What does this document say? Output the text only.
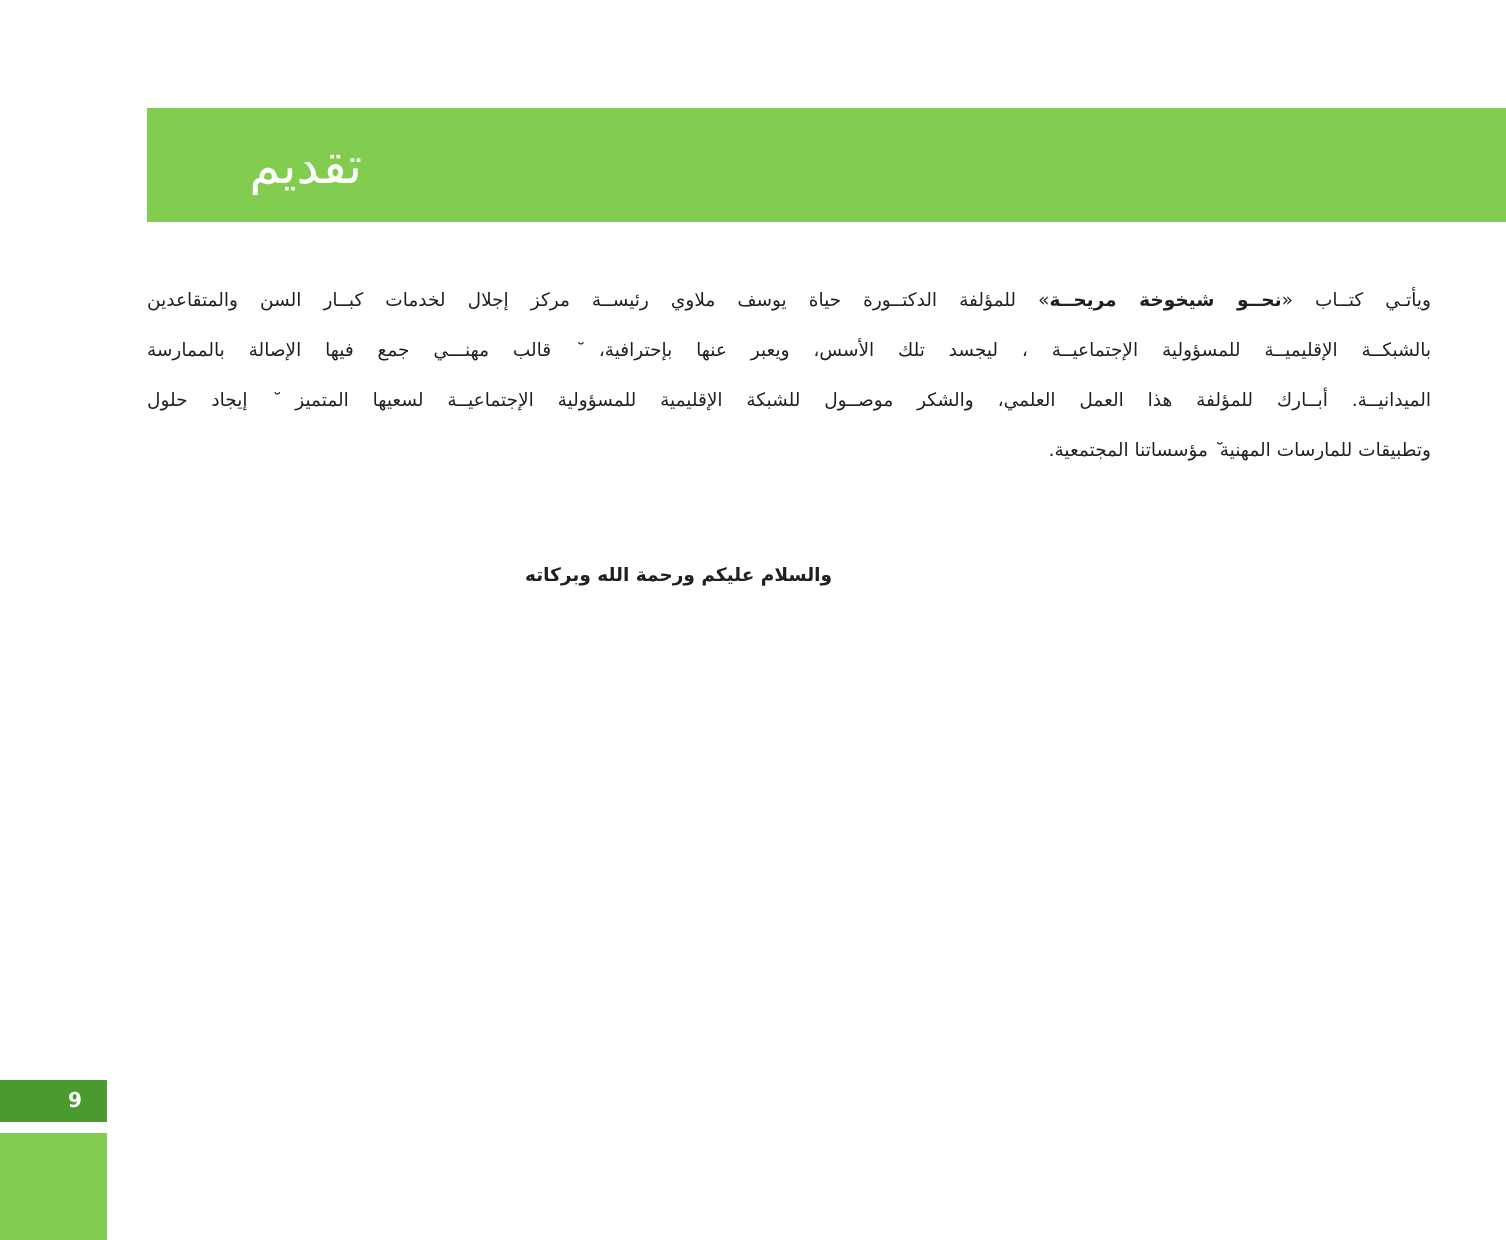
تقديم
ويأتـي كتــاب «نحــو شيخوخة مريحــة» للمؤلفة الدكتــورة حياة يوسف ملاوي رئيســة مركز إجلال لخدمات كبــار السن والمتقاعدين
بالشبكــة الإقليميــة للمسؤولية الإجتماعيــة ، ليجسد تلك الأسس، ويعبر عنها بإحترافية، ﬞ قالب مهنـــي جمع فيها الإصالة بالممارسة
الميدانيــة. أبــارك للمؤلفة هذا العمل العلمي، والشكر موصــول للشبكة الإقليمية للمسؤولية الإجتماعيــة لسعيها المتميز ﬞ إيجاد حلول
وتطبيقات للمارسات المهنية ﬞ مؤسساتنا المجتمعية.

والسلام عليكم ورحمة الله وبركاته

9
